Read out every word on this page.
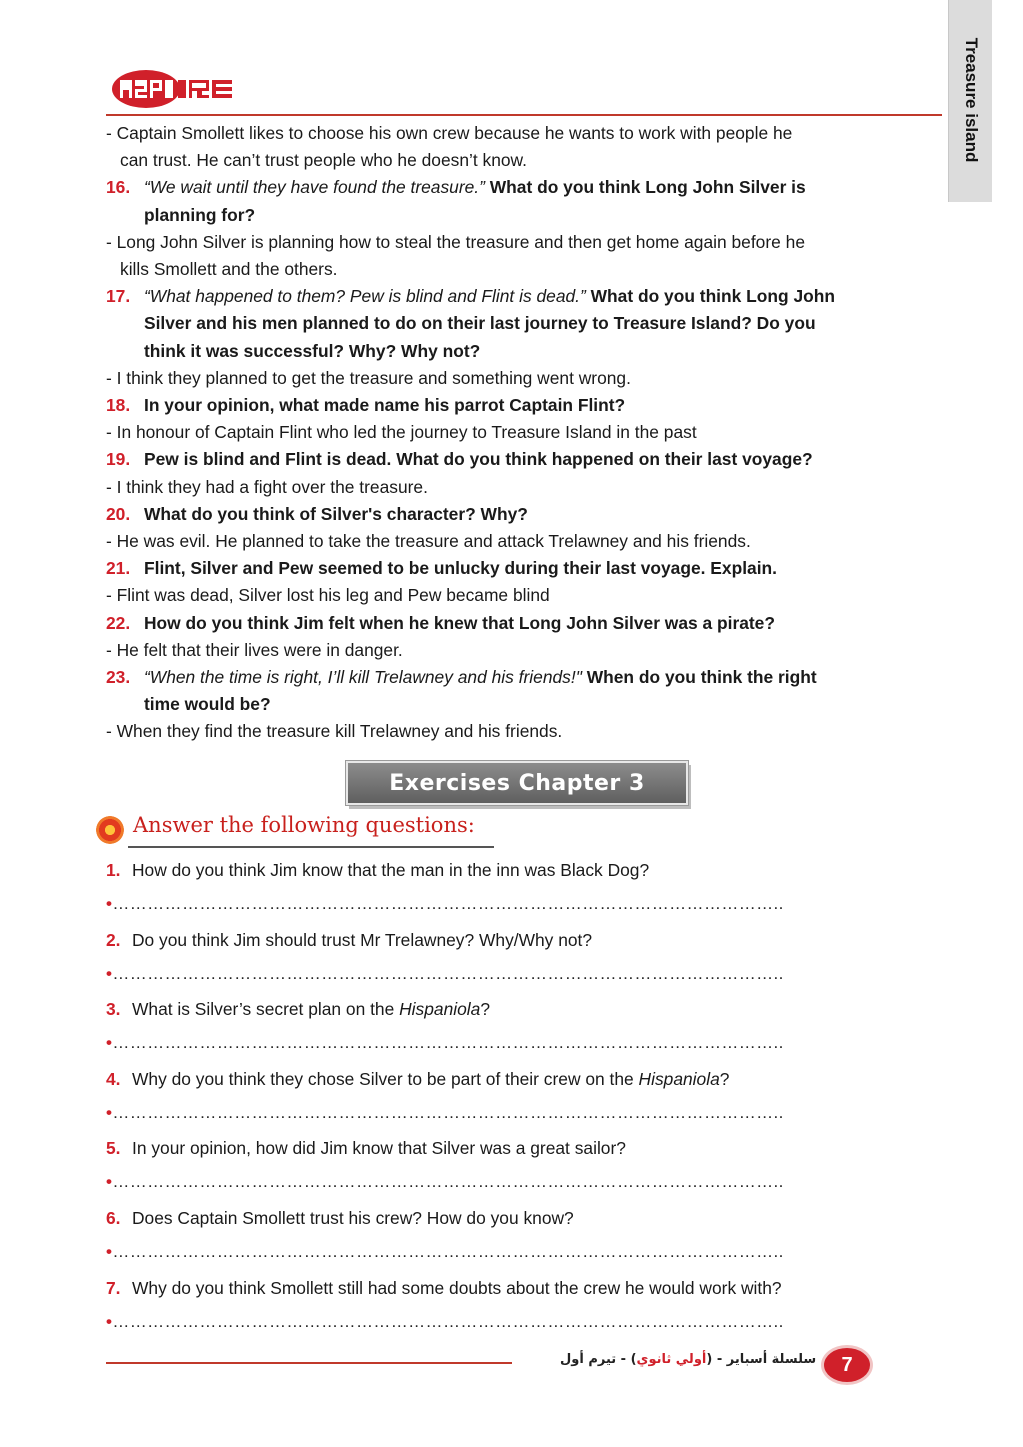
Treasure island
- Captain Smollett likes to choose his own crew because he wants to work with people he
can trust. He can’t trust people who he doesn’t know.
16. “We wait until they have found the treasure.” What do you think Long John Silver is
planning for?
- Long John Silver is planning how to steal the treasure and then get home again before he
kills Smollett and the others.
17. “What happened to them? Pew is blind and Flint is dead.” What do you think Long John
Silver and his men planned to do on their last journey to Treasure Island? Do you
think it was successful? Why? Why not?
- I think they planned to get the treasure and something went wrong.
18. In your opinion, what made name his parrot Captain Flint?
- In honour of Captain Flint who led the journey to Treasure Island in the past
19. Pew is blind and Flint is dead. What do you think happened on their last voyage?
- I think they had a fight over the treasure.
20. What do you think of Silver's character? Why?
- He was evil. He planned to take the treasure and attack Trelawney and his friends.
21. Flint, Silver and Pew seemed to be unlucky during their last voyage. Explain.
- Flint was dead, Silver lost his leg and Pew became blind
22. How do you think Jim felt when he knew that Long John Silver was a pirate?
- He felt that their lives were in danger.
23. “When the time is right, I’ll kill Trelawney and his friends!" When do you think the right
time would be?
- When they find the treasure kill Trelawney and his friends.
Exercises Chapter 3
Answer the following questions:
1. How do you think Jim know that the man in the inn was Black Dog?
•……………………………………………………………………………………………………..
2. Do you think Jim should trust Mr Trelawney? Why/Why not?
•……………………………………………………………………………………………………..
3. What is Silver’s secret plan on the Hispaniola?
•……………………………………………………………………………………………………..
4. Why do you think they chose Silver to be part of their crew on the Hispaniola?
•……………………………………………………………………………………………………..
5. In your opinion, how did Jim know that Silver was a great sailor?
•……………………………………………………………………………………………………..
6. Does Captain Smollett trust his crew? How do you know?
•……………………………………………………………………………………………………..
7. Why do you think Smollett still had some doubts about the crew he would work with?
•……………………………………………………………………………………………………..
سلسلة أسباير - (أولي ثانوي) - تيرم أول	7
